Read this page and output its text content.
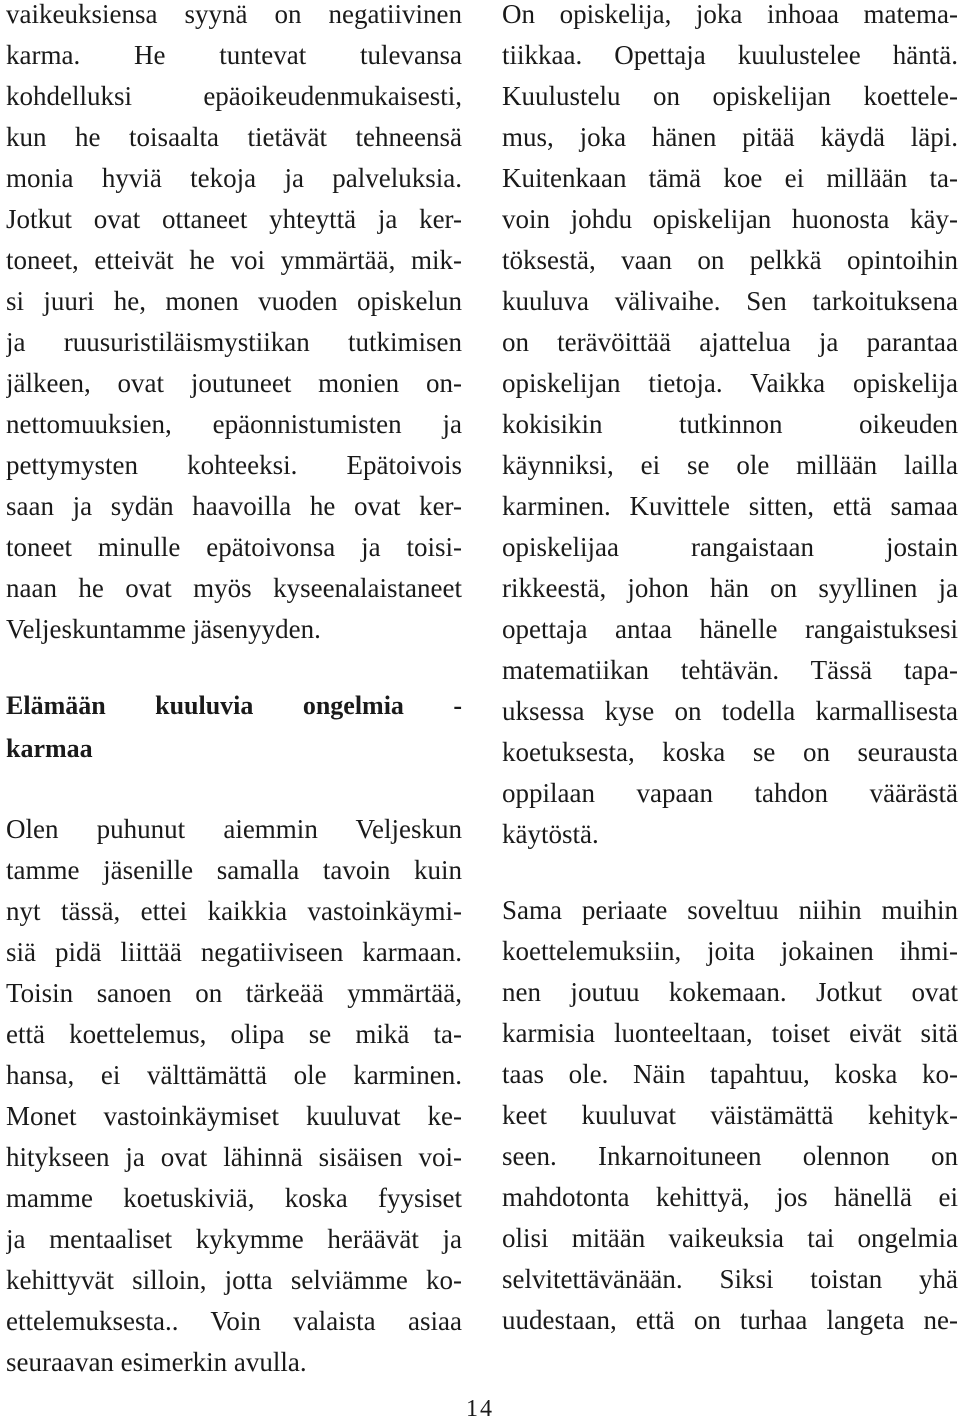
vaikeuksiensa syynä on negatiivinen
karma. He tuntevat tulevansa
kohdelluksi epäoikeudenmukaisesti,
kun he toisaalta tietävät tehneensä
monia hyviä tekoja ja palveluksia.
Jotkut ovat ottaneet yhteyttä ja ker-
toneet, etteivät he voi ymmärtää, mik-
si juuri he, monen vuoden opiskelun
ja ruusuristiläismystiikan tutkimisen
jälkeen, ovat joutuneet monien on-
nettomuuksien, epäonnistumisten ja
pettymysten kohteeksi. Epätoivois
saan ja sydän haavoilla he ovat ker-
toneet minulle epätoivonsa ja toisi-
naan he ovat myös kyseenalaistaneet
Veljeskuntamme jäsenyyden.
Elämään kuuluvia ongelmia -
karmaa
Olen puhunut aiemmin Veljeskun
tamme jäsenille samalla tavoin kuin
nyt tässä, ettei kaikkia vastoinkäymi-
siä pidä liittää negatiiviseen karmaan.
Toisin sanoen on tärkeää ymmärtää,
että koettelemus, olipa se mikä ta-
hansa, ei välttämättä ole karminen.
Monet vastoinkäymiset kuuluvat ke-
hitykseen ja ovat lähinnä sisäisen voi-
mamme koetuskiviä, koska fyysiset
ja mentaaliset kykymme heräävät ja
kehittyvät silloin, jotta selviämme ko-
ettelemuksesta.. Voin valaista asiaa
seuraavan esimerkin avulla.
On opiskelija, joka inhoaa matema-
tiikkaa. Opettaja kuulustelee häntä.
Kuulustelu on opiskelijan koettele-
mus, joka hänen pitää käydä läpi.
Kuitenkaan tämä koe ei millään ta-
voin johdu opiskelijan huonosta käy-
töksestä, vaan on pelkkä opintoihin
kuuluva välivaihe. Sen tarkoituksena
on terävöittää ajattelua ja parantaa
opiskelijan tietoja. Vaikka opiskelija
kokisikin tutkinnon oikeuden
käynniksi, ei se ole millään lailla
karminen. Kuvittele sitten, että samaa
opiskelijaa rangaistaan jostain
rikkeestä, johon hän on syyllinen ja
opettaja antaa hänelle rangaistuksesi
matematiikan tehtävän. Tässä tapa-
uksessa kyse on todella karmallisesta
koetuksesta, koska se on seurausta
oppilaan vapaan tahdon väärästä
käytöstä.
Sama periaate soveltuu niihin muihin
koettelemuksiin, joita jokainen ihmi-
nen joutuu kokemaan. Jotkut ovat
karmisia luonteeltaan, toiset eivät sitä
taas ole. Näin tapahtuu, koska ko-
keet kuuluvat väistämättä kehityk-
seen. Inkarnoituneen olennon on
mahdotonta kehittyä, jos hänellä ei
olisi mitään vaikeuksia tai ongelmia
selvitettävänään. Siksi toistan yhä
uudestaan, että on turhaa langeta ne-
14
